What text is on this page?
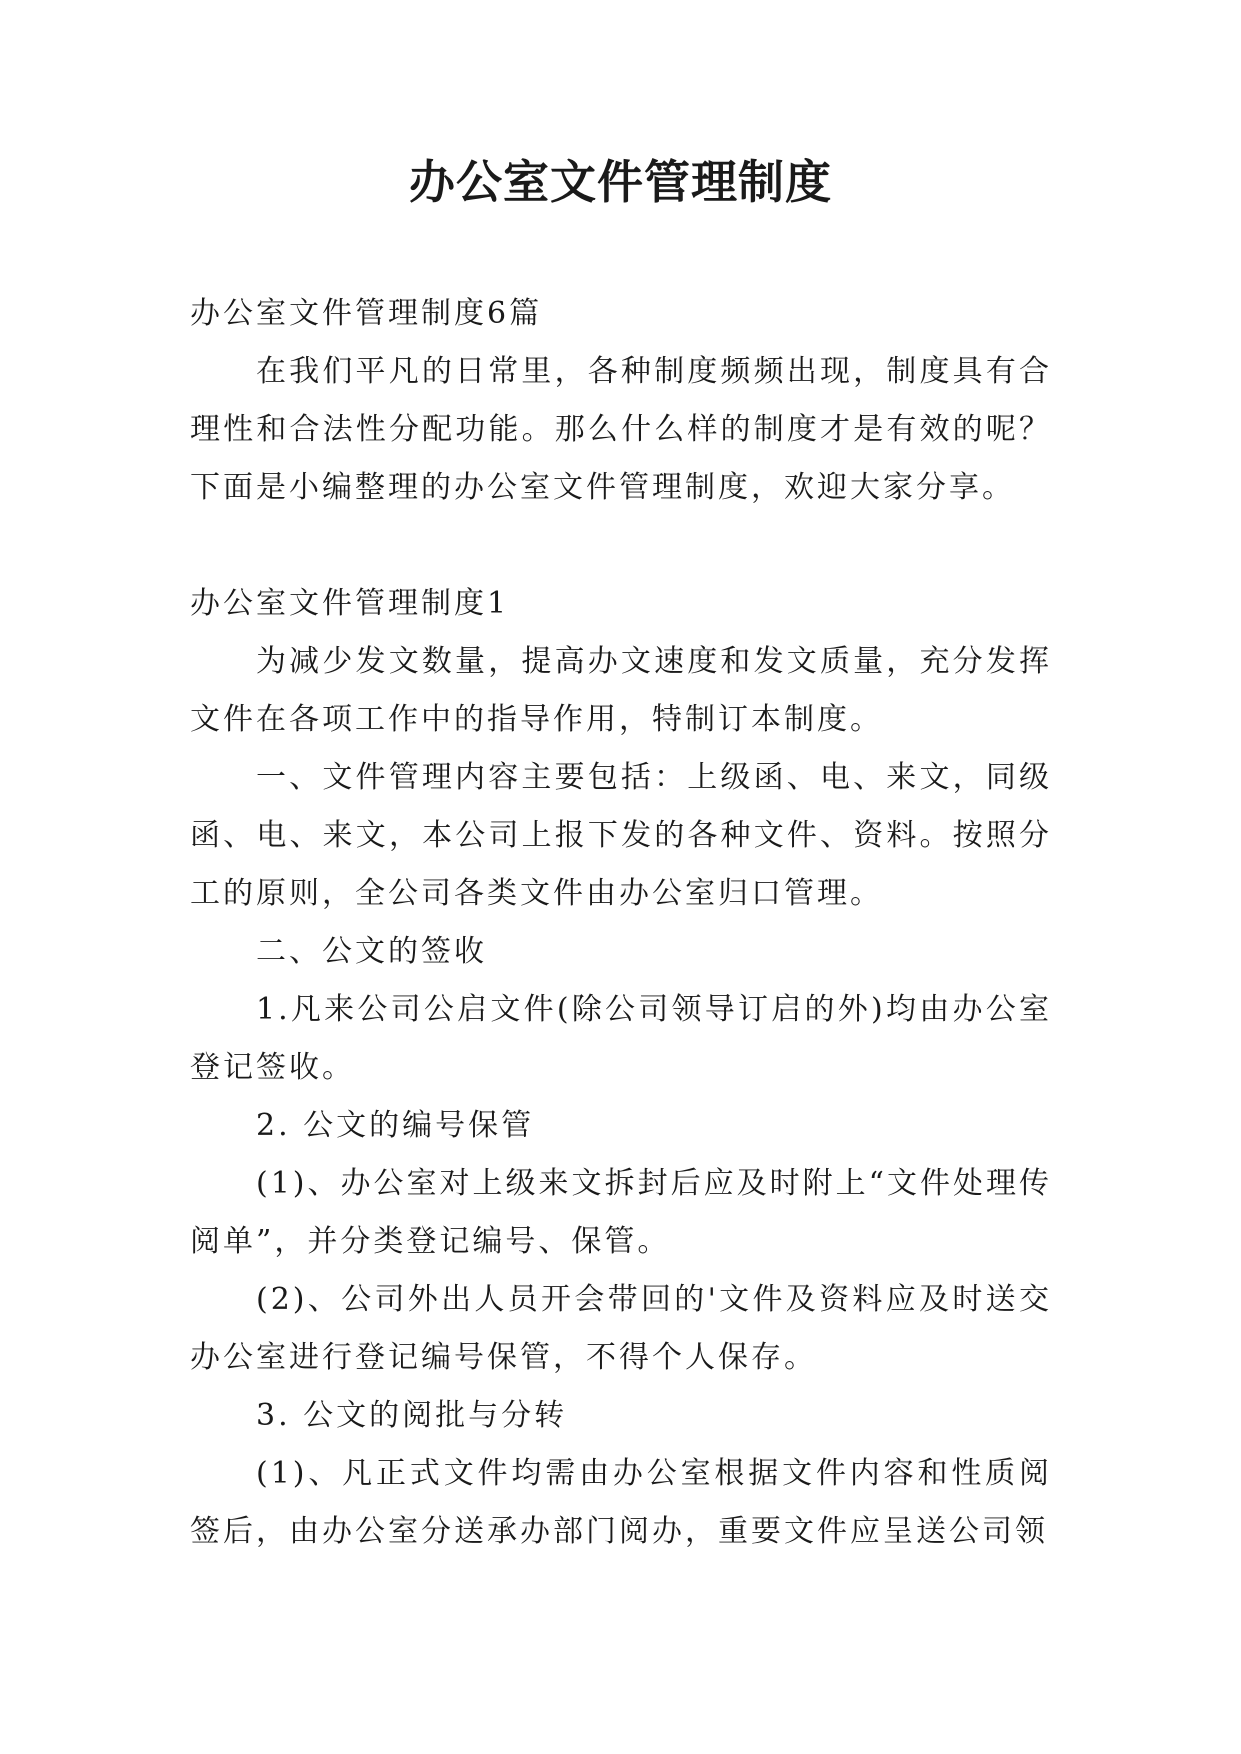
办公室文件管理制度

办公室文件管理制度6篇

在我们平凡的日常里，各种制度频频出现，制度具有合理性和合法性分配功能。那么什么样的制度才是有效的呢？下面是小编整理的办公室文件管理制度，欢迎大家分享。

办公室文件管理制度1

为减少发文数量，提高办文速度和发文质量，充分发挥文件在各项工作中的指导作用，特制订本制度。

一、文件管理内容主要包括：上级函、电、来文，同级函、电、来文，本公司上报下发的各种文件、资料。按照分工的原则，全公司各类文件由办公室归口管理。

二、公文的签收

1.凡来公司公启文件(除公司领导订启的外)均由办公室登记签收。

2. 公文的编号保管

(1)、办公室对上级来文拆封后应及时附上“文件处理传阅单”，并分类登记编号、保管。

(2)、公司外出人员开会带回的'文件及资料应及时送交办公室进行登记编号保管，不得个人保存。

3. 公文的阅批与分转

(1)、凡正式文件均需由办公室根据文件内容和性质阅签后，由办公室分送承办部门阅办，重要文件应呈送公司领
